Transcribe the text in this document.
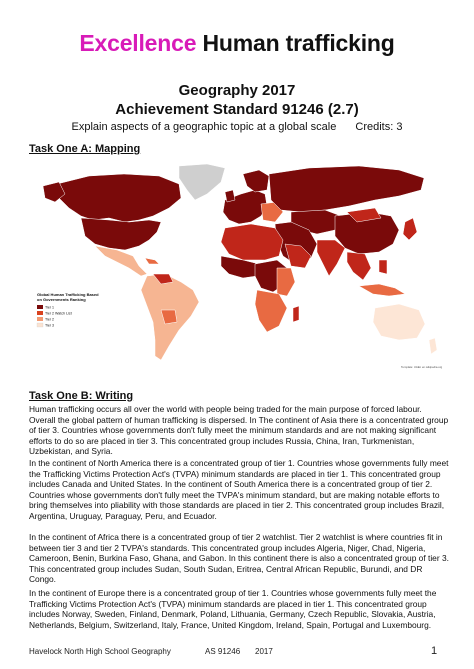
Excellence Human trafficking
Geography 2017
Achievement Standard 91246 (2.7)
Explain aspects of a geographic topic at a global scale Credits: 3
Task One A: Mapping
Global Human Trafficking Based
on Governments Ranking
Tier 1
Tier 2 Watch List
Tier 2
Tier 3
Template: UAEn en.wikipedia.org
Task One B: Writing

Human trafficking occurs all over the world with people being traded for the main purpose of forced labour. Overall the global pattern of human trafficking is dispersed. In The continent of Asia there is a concentrated group of tier 3. Countries whose governments don't fully meet the minimum standards and are not making significant efforts to do so are placed in tier 3. This concentrated group includes Russia, China, Iran, Turkmenistan, Uzbekistan, and Syria.

In the continent of North America there is a concentrated group of tier 1. Countries whose governments fully meet the Trafficking Victims Protection Act's (TVPA) minimum standards are placed in tier 1. This concentrated group includes Canada and United States. In the continent of South America there is a concentrated group of tier 2. Countries whose governments don't fully meet the TVPA's minimum standard, but are making notable efforts to bring themselves into pliability with those standards are placed in tier 2. This concentrated group includes Brazil, Argentina, Uruguay, Paraguay, Peru, and Ecuador.

In the continent of Africa there is a concentrated group of tier 2 watchlist. Tier 2 watchlist is where countries fit in between tier 3 and tier 2 TVPA's standards. This concentrated group includes Algeria, Niger, Chad, Nigeria, Cameroon, Benin, Burkina Faso, Ghana, and Gabon. In this continent there is also a concentrated group of tier 3. This concentrated group includes Sudan, South Sudan, Eritrea, Central African Republic, Burundi, and DR Congo.

In the continent of Europe there is a concentrated group of tier 1. Countries whose governments fully meet the Trafficking Victims Protection Act's (TVPA) minimum standards are placed in tier 1. This concentrated group includes Norway, Sweden, Finland, Denmark, Poland, Lithuania, Germany, Czech Republic, Slovakia, Austria, Netherlands, Belgium, Switzerland, Italy, France, United Kingdom, Ireland, Spain, Portugal and Luxembourg.

Havelock North High School Geography	AS 91246 2017	1
